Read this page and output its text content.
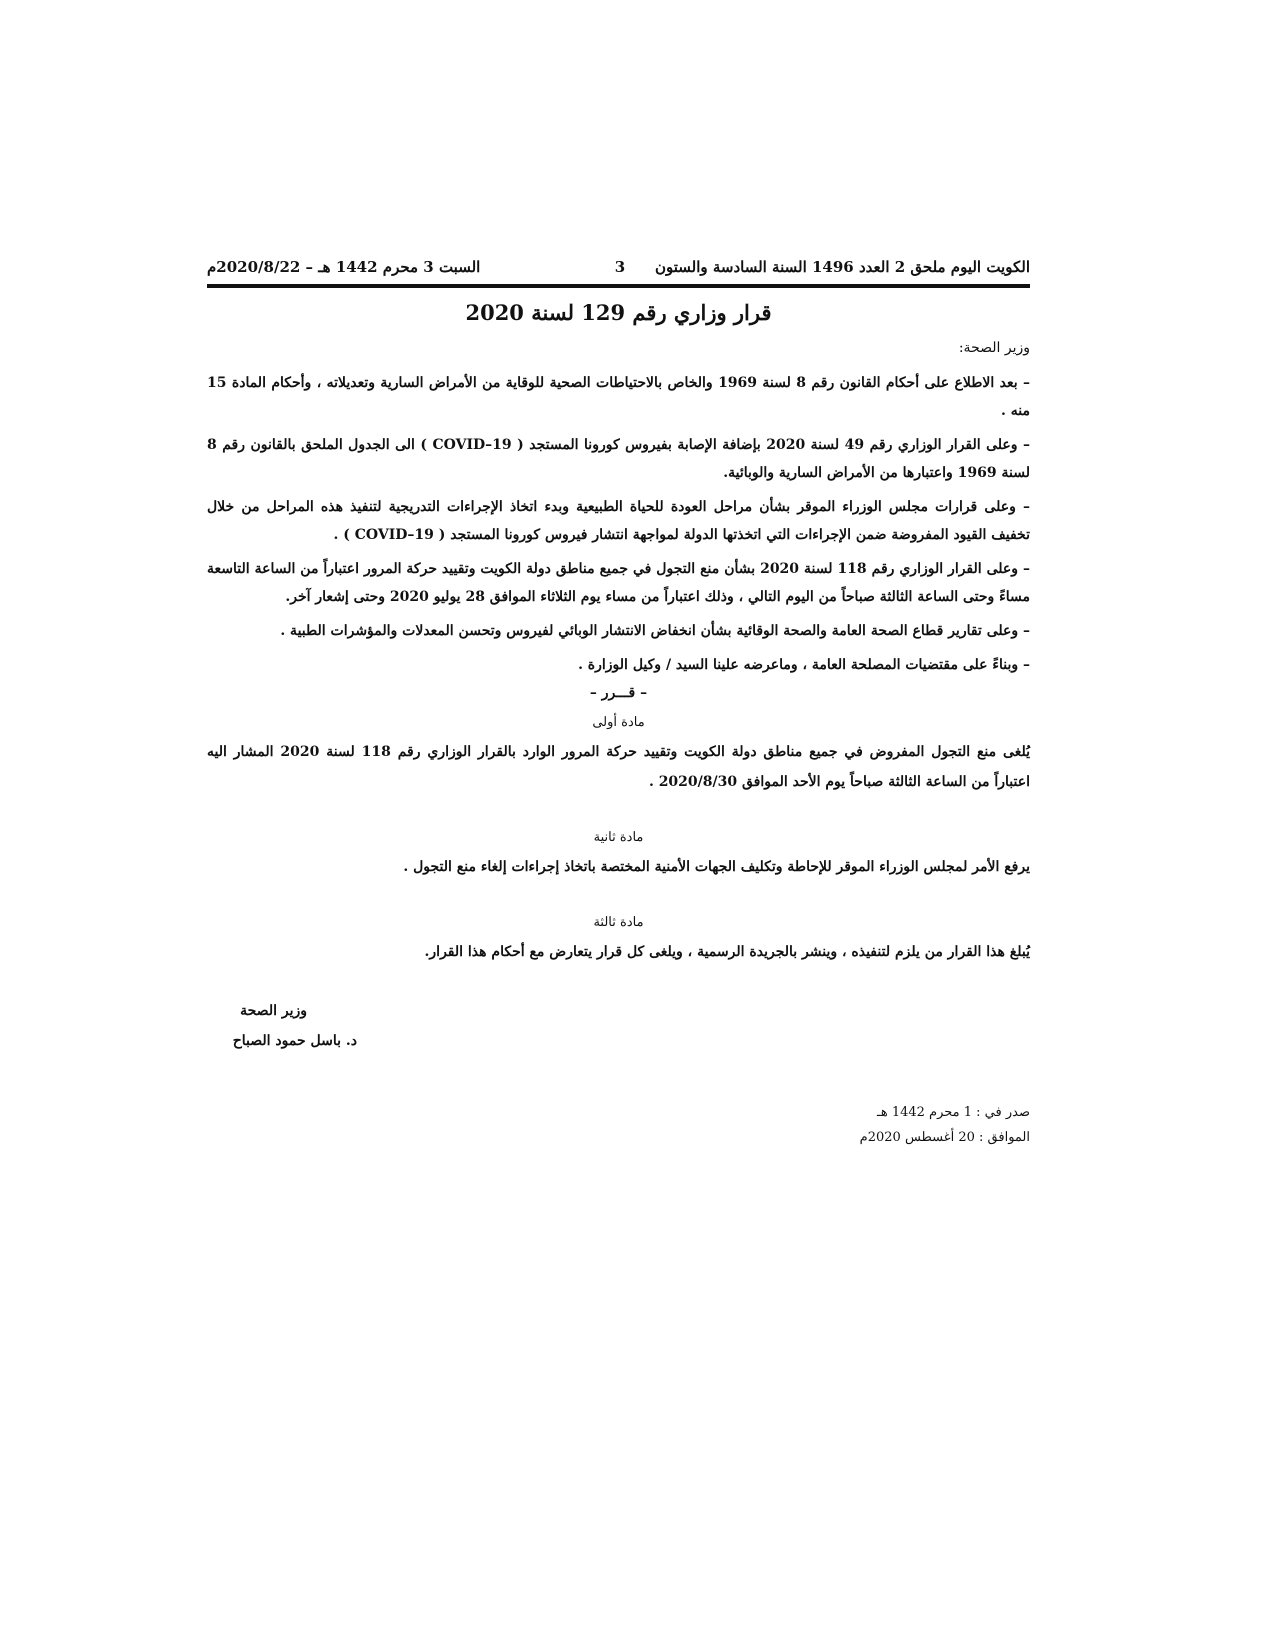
الكويت اليوم ملحق 2 العدد 1496 السنة السادسة والستون
3
السبت 3 محرم 1442 هـ – 2020/8/22م
قرار وزاري رقم 129 لسنة 2020
وزير الصحة:

– بعد الاطلاع على أحكام القانون رقم 8 لسنة 1969 والخاص بالاحتياطات الصحية للوقاية من الأمراض السارية وتعديلاته ، وأحكام المادة 15 منه .

– وعلى القرار الوزاري رقم 49 لسنة 2020 بإضافة الإصابة بفيروس كورونا المستجد ( COVID–19 ) الى الجدول الملحق بالقانون رقم 8 لسنة 1969 واعتبارها من الأمراض السارية والوبائية.

– وعلى قرارات مجلس الوزراء الموقر بشأن مراحل العودة للحياة الطبيعية وبدء اتخاذ الإجراءات التدريجية لتنفيذ هذه المراحل من خلال تخفيف القيود المفروضة ضمن الإجراءات التي اتخذتها الدولة لمواجهة انتشار فيروس كورونا المستجد ( COVID–19 ) .

– وعلى القرار الوزاري رقم 118 لسنة 2020 بشأن منع التجول في جميع مناطق دولة الكويت وتقييد حركة المرور اعتباراً من الساعة التاسعة مساءً وحتى الساعة الثالثة صباحاً من اليوم التالي ، وذلك اعتباراً من مساء يوم الثلاثاء الموافق 28 يوليو 2020 وحتى إشعار آخر.

– وعلى تقارير قطاع الصحة العامة والصحة الوقائية بشأن انخفاض الانتشار الوبائي لفيروس وتحسن المعدلات والمؤشرات الطبية .

– وبناءً على مقتضيات المصلحة العامة ، وماعرضه علينا السيد / وكيل الوزارة .

– قـــرر –
مادة أولى

يُلغى منع التجول المفروض في جميع مناطق دولة الكويت وتقييد حركة المرور الوارد بالقرار الوزاري رقم 118 لسنة 2020 المشار اليه اعتباراً من الساعة الثالثة صباحاً يوم الأحد الموافق 2020/8/30 .

مادة ثانية

يرفع الأمر لمجلس الوزراء الموقر للإحاطة وتكليف الجهات الأمنية المختصة باتخاذ إجراءات إلغاء منع التجول .

مادة ثالثة

يُبلغ هذا القرار من يلزم لتنفيذه ، وينشر بالجريدة الرسمية ، ويلغى كل قرار يتعارض مع أحكام هذا القرار.

وزير الصحة
د. باسل حمود الصباح
صدر في : 1 محرم 1442 هـ
الموافق : 20 أغسطس 2020م
